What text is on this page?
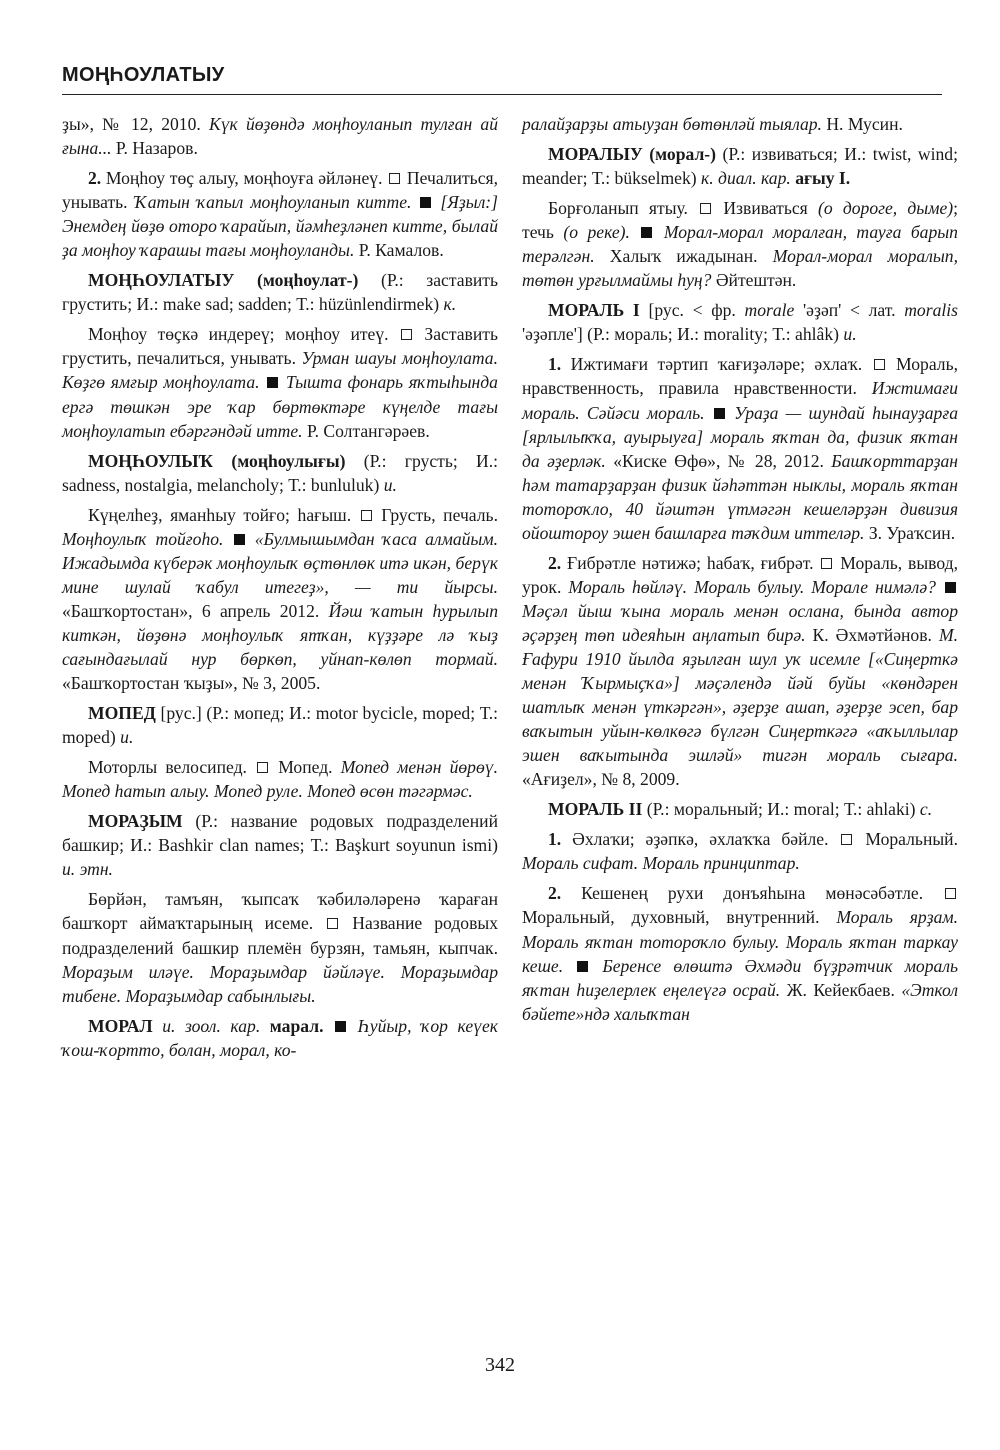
МОҢҺОУЛАТЫУ

ҙы», № 12, 2010. Күк йөҙөндә моңһоуланып тулған ай ғына... Р. Назаров.

2. Моңһоу төҫ алыу, моңһоуға әйләнеү.  Печалиться, унывать. Ҡатын ҡапыл моңһоуланып китте. [Яҙыл:] Энемдең йөҙө оторо ҡарайып, йәмһеҙләнеп китте, былай ҙа моңһоу ҡарашы тағы моңһоуланды. Р. Камалов.

МОҢҺОУЛАТЫУ (моңһоулат-) (Р.: заставить грустить; И.: make sad; sadden; Т.: hüzünlendirmek) к.

Моңһоу төҫкә индереү; моңһоу итеү.  Заставить грустить, печалиться, унывать. Урман шауы моңһоулата. Көҙгө ямғыр моңһоулата. Тышта фонарь яҡтыһында ергә төшкән эре ҡар бөртөктәре күңелде тағы моңһоулатып ебәргәндәй итте. Р. Солтангәрәев.

МОҢҺОУЛЫҠ (моңһоулығы) (Р.: грусть; И.: sadness, nostalgia, melancholy; Т.: bunluluk) и.

Күңелһеҙ, яманһыу тойғо; һағыш.  Грусть, печаль. Моңһоулыҡ тойғоһо. «Булмышымдан ҡаса алмайым. Ижадымда күберәк моңһоулыҡ өҫтөнлөк итә икән, берүк мине шулай ҡабул итегеҙ», — ти йырсы. «Башҡортостан», 6 апрель 2012. Йәш ҡатын һурылып киткән, йөҙөнә моңһоулыҡ ятҡан, күҙҙәре лә ҡыҙ сағындағылай нур бөркөп, уйнап-көлөп тормай. «Башҡортостан ҡыҙы», № 3, 2005.

МОПЕД [рус.] (Р.: мопед; И.: motor bycicle, moped; Т.: moped) и.

Моторлы велосипед.  Мопед. Мопед менән йөрөү. Мопед һатып алыу. Мопед руле. Мопед өсөн тәгәрмәс.

МОРАҘЫМ (Р.: название родовых подразделений башкир; И.: Bashkir clan names; Т.: Başkurt soyunun ismi) и. этн.

Бөрйән, тамъян, ҡыпсаҡ ҡәбиләләренә ҡараған башҡорт аймаҡтарының исеме.  Название родовых подразделений башкир племён бурзян, тамьян, кыпчак. Мораҙым иләүе. Мораҙымдар йәйләүе. Мораҙымдар тибене. Мораҙымдар сабынлығы.

МОРАЛ и. зоол. кар. марал.  Һуйыр, ҡор кеүек ҡош-ҡортто, болан, морал, ко-

ралайҙарҙы атыуҙан бөтөнләй тыялар. Н. Мусин.

МОРАЛЫУ (морал-) (Р.: извиваться; И.: twist, wind; meander; Т.: bükselmek) к. диал. кар. ағыу I.

Борғоланып ятыу.  Извиваться (о дороге, дыме); течь (о реке). Морал-морал моралған, тауға барып терәлгән. Халыҡ ижадынан. Морал-морал моралып, төтөн урғылмаймы һуң? Әйтештән.

МОРАЛЬ I [рус. < фр. morale 'әҙәп' < лат. moralis 'әҙәпле'] (Р.: мораль; И.: morality; Т.: ahlâk) и.

1. Ижтимағи тәртип ҡағиҙәләре; әхлаҡ.  Мораль, нравственность, правила нравственности. Ижтимағи мораль. Сәйәси мораль. Ураҙа — шундай һынауҙарға [ярлылыҡҡа, ауырыуға] мораль яҡтан да, физик яҡтан да әҙерләк. «Киске Өфө», № 28, 2012. Башҡорттарҙан һәм татарҙарҙан физик йәһәттән ныклы, мораль яҡтан тотороҡло, 40 йәштән үтмәгән кешеләрҙән дивизия ойоштороу эшен башларға тәҡдим иттеләр. З. Ураҡсин.

2. Ғибрәтле нәтижә; һабаҡ, ғибрәт.  Мораль, вывод, урок. Мораль һөйләү. Мораль булыу. Морале нимәлә?  Мәҫәл йыш ҡына мораль менән ослана, бында автор әҫәрҙең төп идеяһын аңлатып бирә. К. Әхмәтйәнов. М. Ғафури 1910 йылда яҙылған шул уҡ исемле [«Сиңерткә менән Ҡырмыҫҡа»] мәҫәлендә йәй буйы «көндәрен шатлыҡ менән үткәргән», әҙерҙе ашап, әҙерҙе эсеп, бар ваҡытын уйын-көлкөгә бүлгән Сиңерткәгә «аҡыллылар эшен ваҡытында эшләй» тигән мораль сығара. «Ағиҙел», № 8, 2009.

МОРАЛЬ II (Р.: моральный; И.: moral; Т.: ahlaki) с.

1. Әхлаҡи; әҙәпкә, әхлаҡҡа бәйле.  Моральный. Мораль сифат. Мораль принциптар.

2. Кешенең рухи донъяһына мөнәсәбәтле.  Моральный, духовный, внутренний. Мораль ярҙам. Мораль яҡтан тотороҡло булыу. Мораль яҡтан таркау кеше. Беренсе өлөштә Әхмәди бүҙрәтчик мораль яҡтан һиҙелерлек еңелеүгә осрай. Ж. Кейекбаев. «Эткол бәйете»ндә халыҡтан

342
